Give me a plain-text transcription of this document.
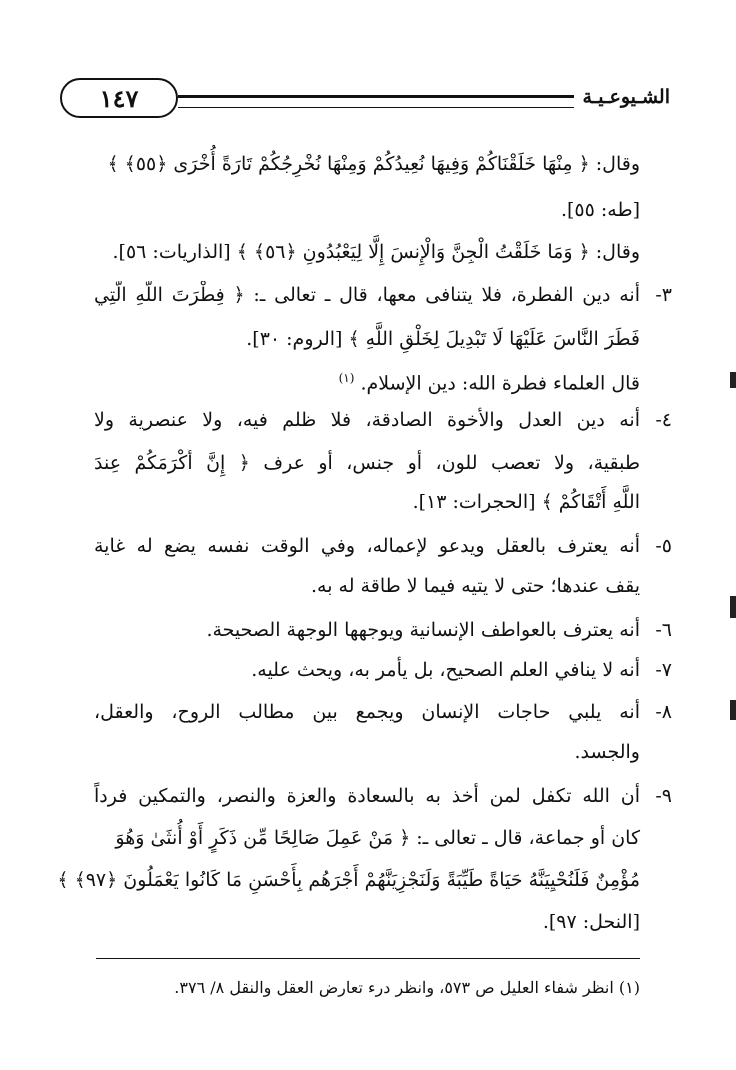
الشـيوعـيـة
١٤٧
وقال: ﴿ مِنْهَا خَلَقْنَاكُمْ وَفِيهَا نُعِيدُكُمْ وَمِنْهَا نُخْرِجُكُمْ تَارَةً أُخْرَى ﴿٥٥﴾ ﴾
[طه: ٥٥].
وقال: ﴿ وَمَا خَلَقْتُ الْجِنَّ وَالْإِنسَ إِلَّا لِيَعْبُدُونِ ﴿٥٦﴾ ﴾ [الذاريات: ٥٦].
٣-
أنه دين الفطرة، فلا يتنافى معها، قال ـ تعالى ـ: ﴿ فِطْرَتَ اللَّهِ الَّتِي
فَطَرَ النَّاسَ عَلَيْهَا لَا تَبْدِيلَ لِخَلْقِ اللَّهِ ﴾ [الروم: ٣٠].
قال العلماء فطرة الله: دين الإسلام. $^{(١)}$
٤-
أنه دين العدل والأخوة الصادقة، فلا ظلم فيه، ولا عنصرية ولا
طبقية، ولا تعصب للون، أو جنس، أو عرف ﴿ إِنَّ أَكْرَمَكُمْ عِندَ
اللَّهِ أَتْقَاكُمْ ﴾ [الحجرات: ١٣].
٥-
أنه يعترف بالعقل ويدعو لإعماله، وفي الوقت نفسه يضع له غاية
يقف عندها؛ حتى لا يتيه فيما لا طاقة له به.
٦-
أنه يعترف بالعواطف الإنسانية ويوجهها الوجهة الصحيحة.
٧-
أنه لا ينافي العلم الصحيح، بل يأمر به، ويحث عليه.
٨-
أنه يلبي حاجات الإنسان ويجمع بين مطالب الروح، والعقل،
والجسد.
٩-
أن الله تكفل لمن أخذ به بالسعادة والعزة والنصر، والتمكين فرداً
كان أو جماعة، قال ـ تعالى ـ: ﴿ مَنْ عَمِلَ صَالِحًا مِّن ذَكَرٍ أَوْ أُنثَىٰ وَهُوَ
مُؤْمِنٌ فَلَنُحْيِيَنَّهُ حَيَاةً طَيِّبَةً وَلَنَجْزِيَنَّهُمْ أَجْرَهُم بِأَحْسَنِ مَا كَانُوا يَعْمَلُونَ ﴿٩٧﴾ ﴾
[النحل: ٩٧].
(١) انظر شفاء العليل ص ٥٧٣، وانظر درء تعارض العقل والنقل ٨/ ٣٧٦.
